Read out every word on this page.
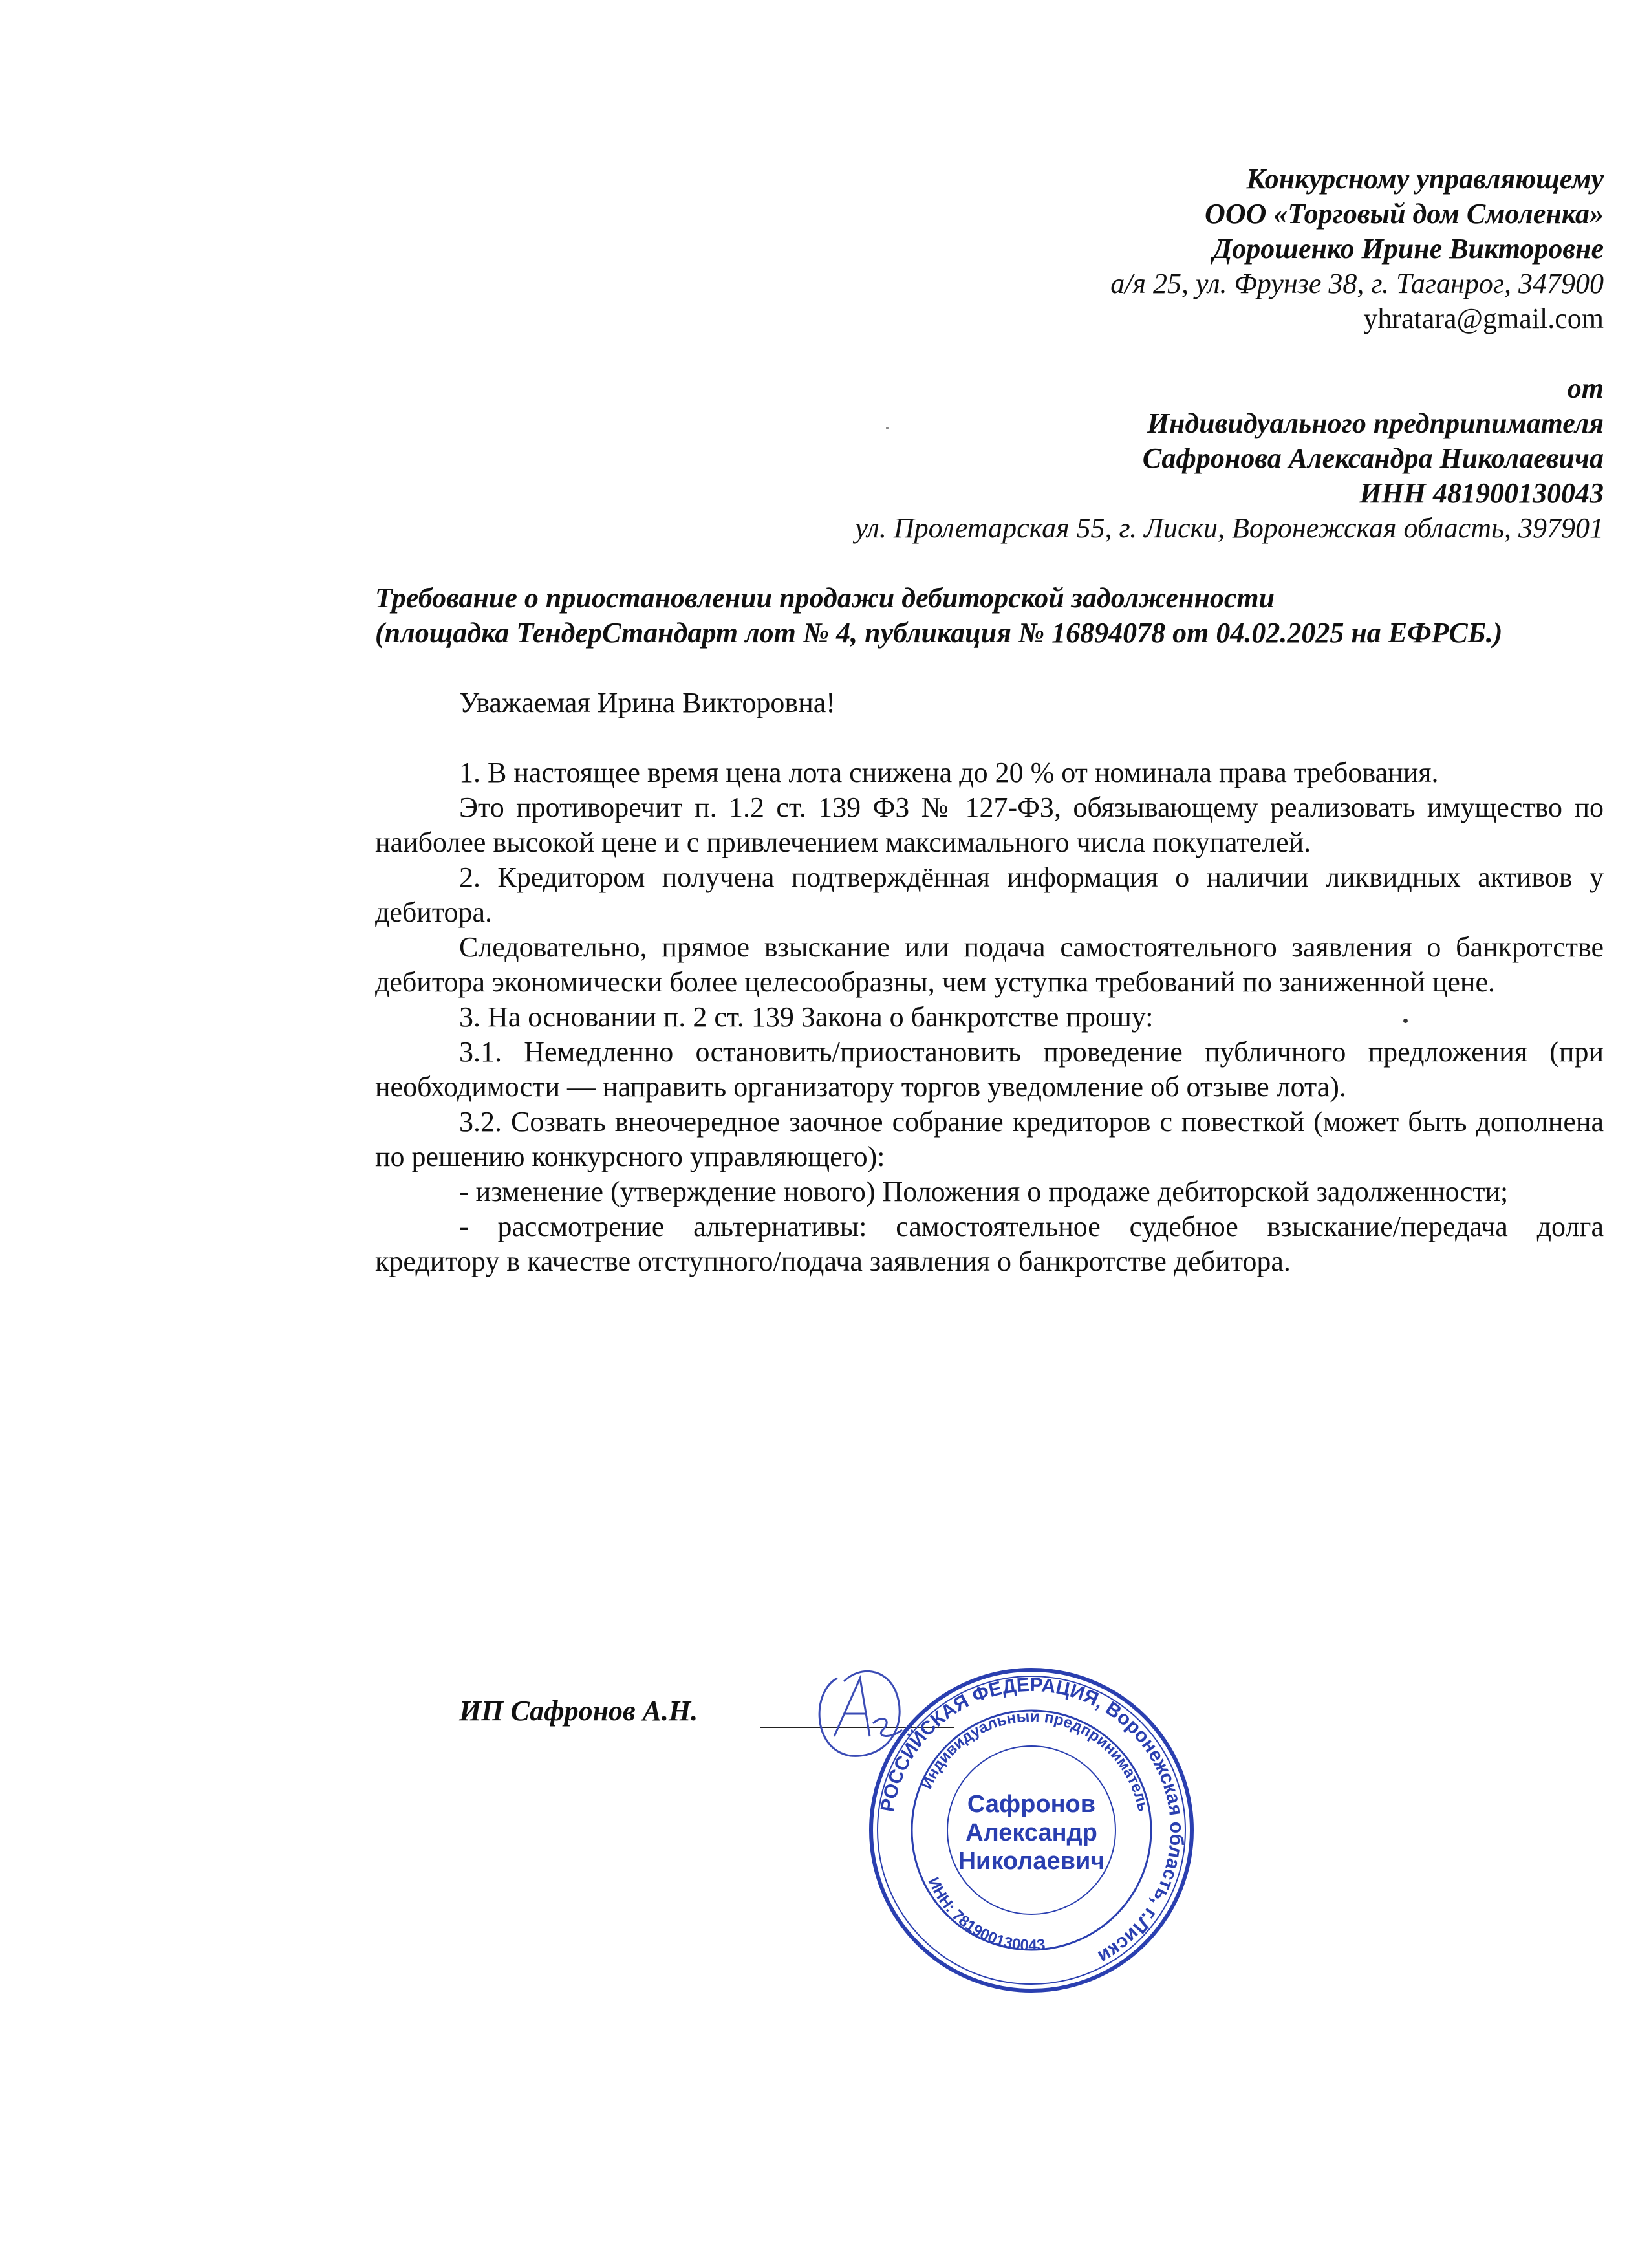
Конкурсному управляющему
ООО «Торговый дом Смоленка»
Дорошенко Ирине Викторовне
а/я 25, ул. Фрунзе 38, г. Таганрог, 347900
yhratara@gmail.com
от
Индивидуального предприпимателя
Сафронова Александра Николаевича
ИНН 481900130043
ул. Пролетарская 55, г. Лиски, Воронежская область, 397901
Требование о приостановлении продажи дебиторской задолженности
(площадка ТендерСтандарт лот № 4, публикация № 16894078 от 04.02.2025 на ЕФРСБ.)
Уважаемая Ирина Викторовна!

1. В настоящее время цена лота снижена до 20 % от номинала права требования.

Это противоречит п. 1.2 ст. 139 ФЗ № 127-ФЗ, обязывающему реализовать имущество по наиболее высокой цене и с привлечением максимального числа покупателей.

2. Кредитором получена подтверждённая информация о наличии ликвидных активов у дебитора.

Следовательно, прямое взыскание или подача самостоятельного заявления о банкротстве дебитора экономически более целесообразны, чем уступка требований по заниженной цене.

3. На основании п. 2 ст. 139 Закона о банкротстве прошу:

3.1. Немедленно остановить/приостановить проведение публичного предложения (при необходимости — направить организатору торгов уведомление об отзыве лота).

3.2. Созвать внеочередное заочное собрание кредиторов с повесткой (может быть дополнена по решению конкурсного управляющего):

- изменение (утверждение нового) Положения о продаже дебиторской задолженности;

- рассмотрение альтернативы: самостоятельное судебное взыскание/передача долга кредитору в качестве отступного/подача заявления о банкротстве дебитора.

ИП Сафронов А.Н.
РОССИЙСКАЯ ФЕДЕРАЦИЯ, Воронежская область, г.Лиски
Индивидуальный предприниматель
ИНН: 781900130043
Сафронов
Александр
Николаевич
